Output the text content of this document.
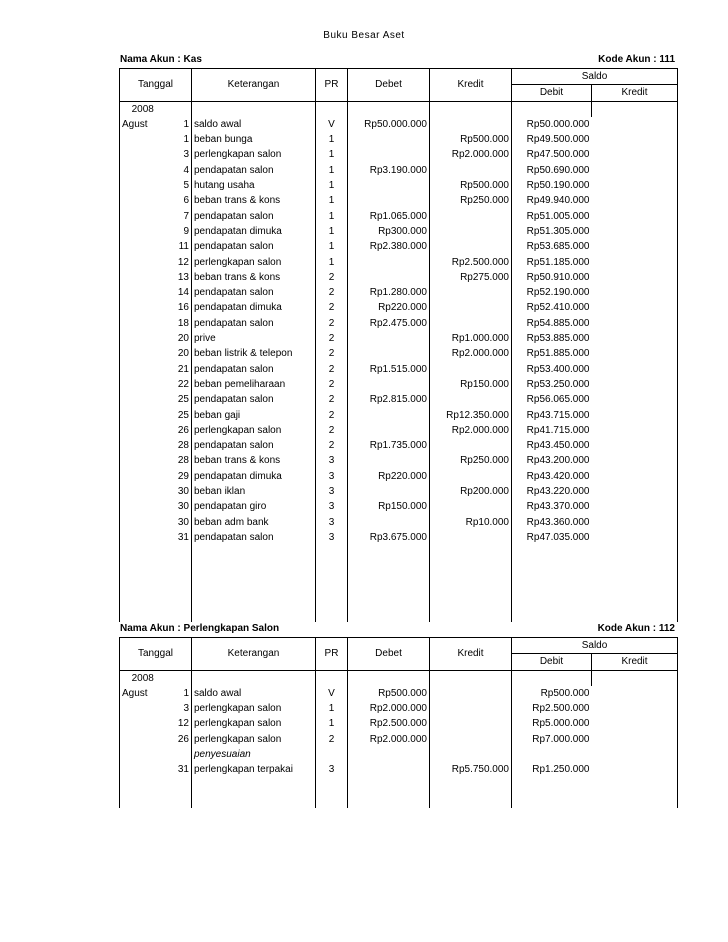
Buku Besar Aset
Nama Akun : Kas	Kode Akun : 111
Tanggal		Keterangan	PR	Debet	Kredit	Saldo	
						Debit	Kredit
2008							
Agust	1	saldo awal	V	Rp50.000.000		Rp50.000.000	
	1	beban bunga	1		Rp500.000	Rp49.500.000	
	3	perlengkapan salon	1		Rp2.000.000	Rp47.500.000	
	4	pendapatan salon	1	Rp3.190.000		Rp50.690.000	
	5	hutang usaha	1		Rp500.000	Rp50.190.000	
	6	beban trans & kons	1		Rp250.000	Rp49.940.000	
	7	pendapatan salon	1	Rp1.065.000		Rp51.005.000	
	9	pendapatan dimuka	1	Rp300.000		Rp51.305.000	
	11	pendapatan salon	1	Rp2.380.000		Rp53.685.000	
	12	perlengkapan salon	1		Rp2.500.000	Rp51.185.000	
	13	beban trans & kons	2		Rp275.000	Rp50.910.000	
	14	pendapatan salon	2	Rp1.280.000		Rp52.190.000	
	16	pendapatan dimuka	2	Rp220.000		Rp52.410.000	
	18	pendapatan salon	2	Rp2.475.000		Rp54.885.000	
	20	prive	2		Rp1.000.000	Rp53.885.000	
	20	beban listrik & telepon	2		Rp2.000.000	Rp51.885.000	
	21	pendapatan salon	2	Rp1.515.000		Rp53.400.000	
	22	beban pemeliharaan	2		Rp150.000	Rp53.250.000	
	25	pendapatan salon	2	Rp2.815.000		Rp56.065.000	
	25	beban gaji	2		Rp12.350.000	Rp43.715.000	
	26	perlengkapan salon	2		Rp2.000.000	Rp41.715.000	
	28	pendapatan salon	2	Rp1.735.000		Rp43.450.000	
	28	beban trans & kons	3		Rp250.000	Rp43.200.000	
	29	pendapatan dimuka	3	Rp220.000		Rp43.420.000	
	30	beban iklan	3		Rp200.000	Rp43.220.000	
	30	pendapatan giro	3	Rp150.000		Rp43.370.000	
	30	beban adm bank	3		Rp10.000	Rp43.360.000	
	31	pendapatan salon	3	Rp3.675.000		Rp47.035.000	

Nama Akun : Perlengkapan Salon	Kode Akun : 112
Tanggal		Keterangan	PR	Debet	Kredit	Saldo	
						Debit	Kredit
2008							
Agust	1	saldo awal	V	Rp500.000		Rp500.000	
	3	perlengkapan salon	1	Rp2.000.000		Rp2.500.000	
	12	perlengkapan salon	1	Rp2.500.000		Rp5.000.000	
	26	perlengkapan salon	2	Rp2.000.000		Rp7.000.000	
		penyesuaian					
	31	perlengkapan terpakai	3		Rp5.750.000	Rp1.250.000	
